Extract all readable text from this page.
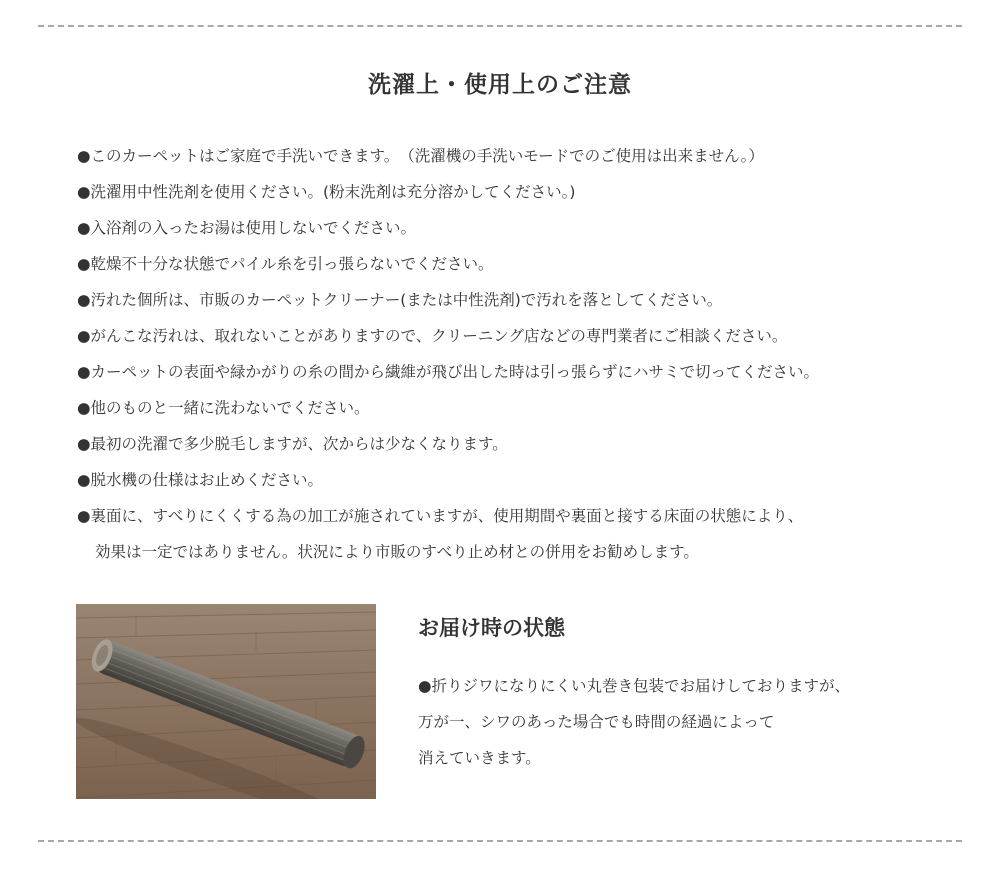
洗濯上・使用上のご注意
●このカーペットはご家庭で手洗いできます。　（洗濯機の手洗いモードでのご使用は出来ません。）
●洗濯用中性洗剤を使用ください。(粉末洗剤は充分溶かしてください。)
●入浴剤の入ったお湯は使用しないでください。
●乾燥不十分な状態でパイル糸を引っ張らないでください。
●汚れた個所は、市販のカーペットクリーナー(または中性洗剤)で汚れを落としてください。
●がんこな汚れは、取れないことがありますので、クリーニング店などの専門業者にご相談ください。
●カーペットの表面や緑かがりの糸の間から繊維が飛び出した時は引っ張らずにハサミで切ってください。
●他のものと一緒に洗わないでください。
●最初の洗濯で多少脱毛しますが、次からは少なくなります。
●脱水機の仕様はお止めください。
●裏面に、すべりにくくする為の加工が施されていますが、使用期間や裏面と接する床面の状態により、
効果は一定ではありません。状況により市販のすべり止め材との併用をお勧めします。
お届け時の状態
●折りジワになりにくい丸巻き包装でお届けしておりますが、
万が一、シワのあった場合でも時間の経過によって
消えていきます。
